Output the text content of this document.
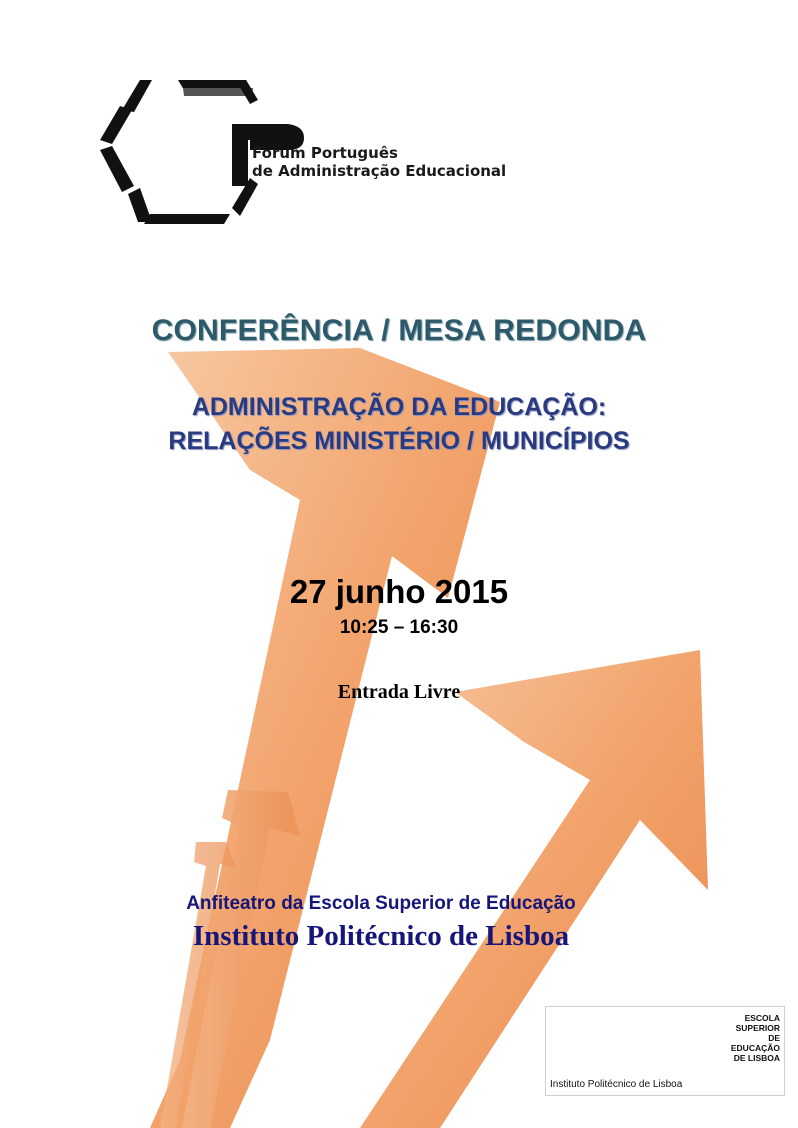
Forum Português

de Administração Educacional

CONFERÊNCIA / MESA REDONDA
ADMINISTRAÇÃO DA EDUCAÇÃO:
RELAÇÕES MINISTÉRIO / MUNICÍPIOS

27 junho 2015

10:25 – 16:30

Entrada Livre

Anfiteatro da Escola Superior de Educação

Instituto Politécnico de Lisboa

Instituto Politécnico de Lisboa

ESCOLA
SUPERIOR
DE EDUCAÇÃO
DE LISBOA
